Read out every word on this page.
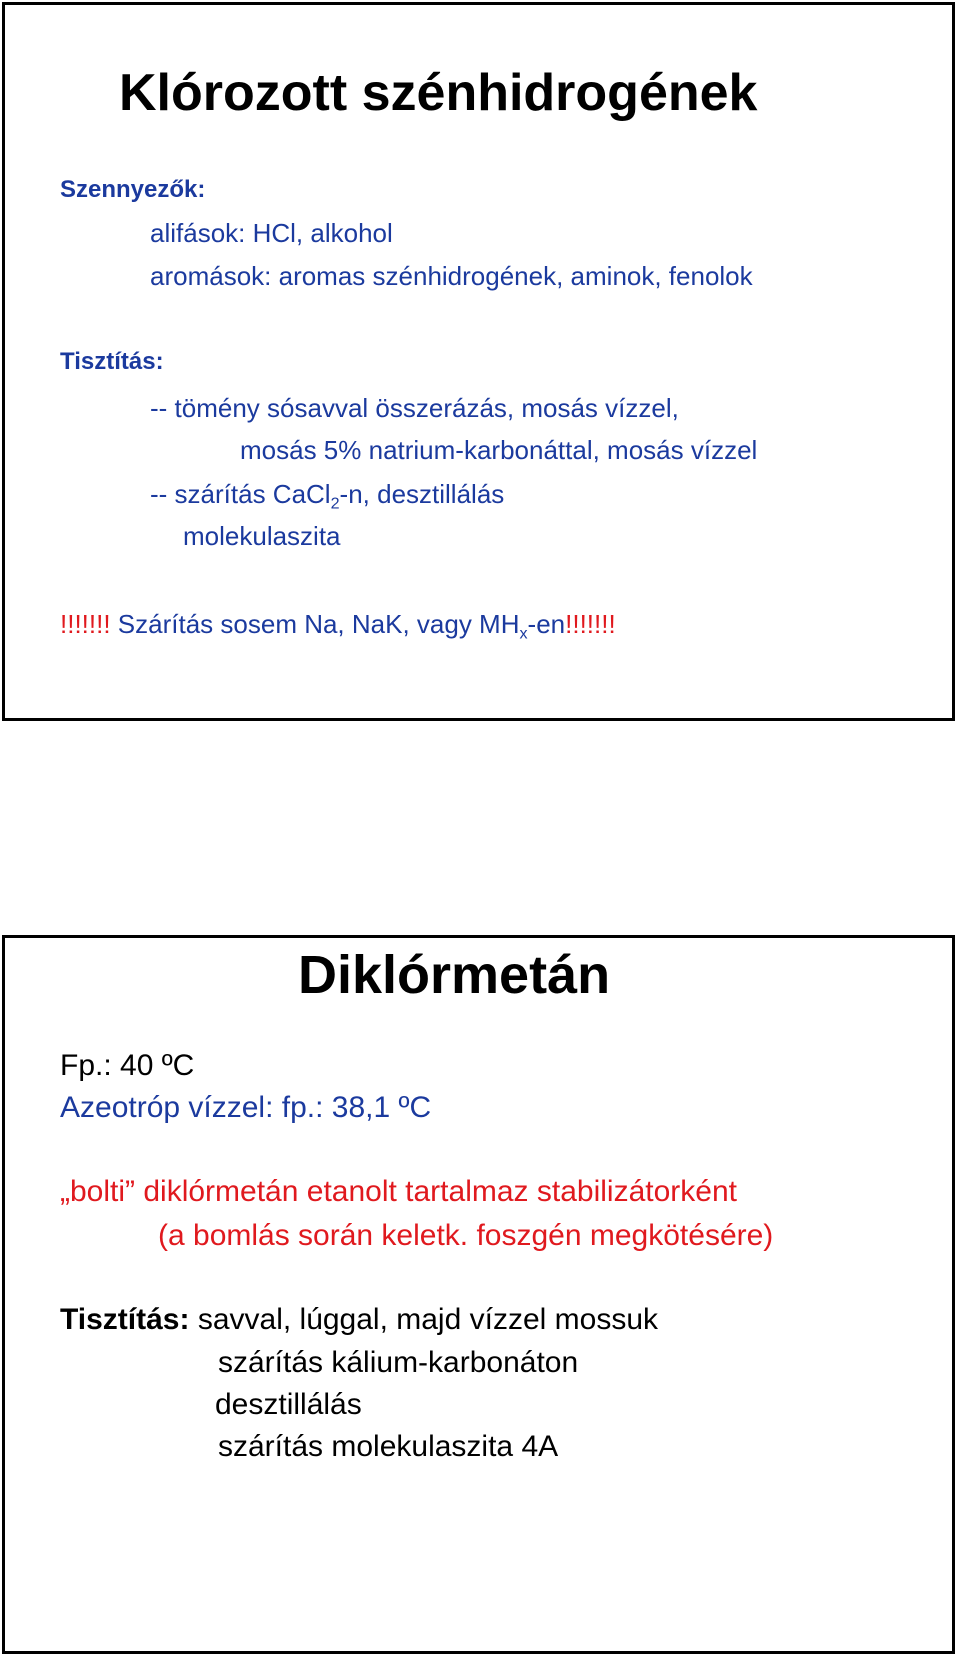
Klórozott szénhidrogének
Szennyezők:
alifások: HCl, alkohol
aromások: aromas szénhidrogének, aminok, fenolok
Tisztítás:
-- tömény sósavval összerázás, mosás vízzel,
mosás 5% natrium-karbonáttal, mosás vízzel
-- szárítás CaCl$_2$-n, desztillálás
molekulaszita
!!!!!!! Szárítás sosem Na, NaK, vagy $MH_x-en$!!!!!!!
Diklórmetán
Fp.: 40 ºC
Azeotróp vízzel: fp.: 38,1 ºC
„bolti” diklórmetán etanolt tartalmaz stabilizátorként
(a bomlás során keletk. foszgén megkötésére)
Tisztítás: savval, lúggal, majd vízzel mossuk
szárítás kálium-karbonáton
desztillálás
szárítás molekulaszita 4A
